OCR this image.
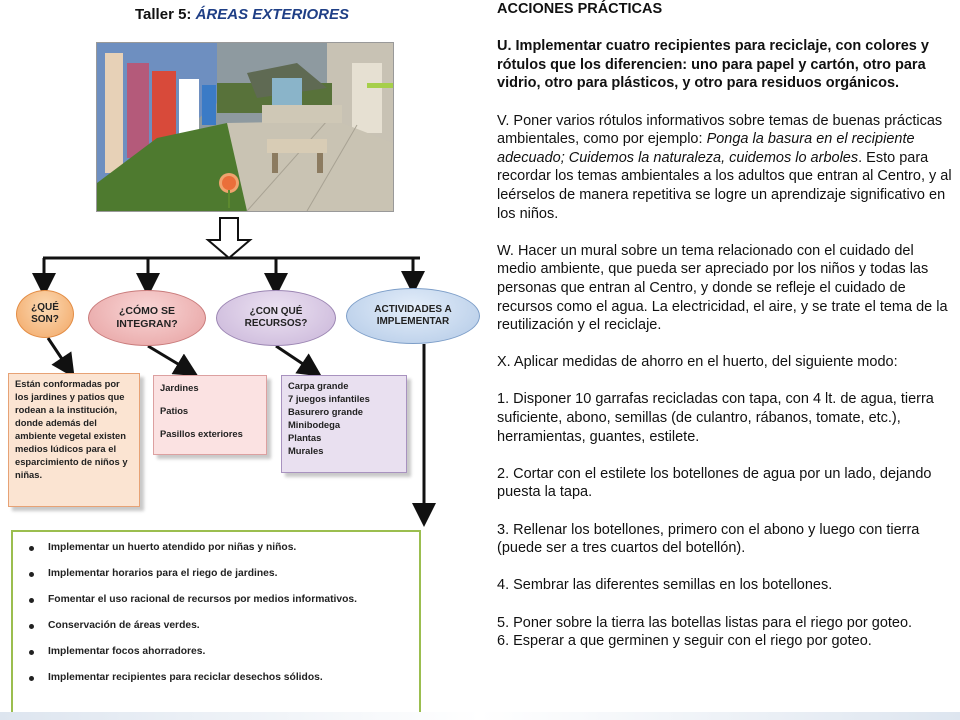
Taller 5: ÁREAS EXTERIORES
¿QUÉ
SON?
¿CÓMO SE
INTEGRAN?
¿CON QUÉ
RECURSOS?
ACTIVIDADES A
IMPLEMENTAR
Están conformadas por los jardines y patios que rodean a la institución, donde además del ambiente vegetal existen medios lúdicos para el esparcimiento de niños y niñas.
Jardines
Patios
Pasillos exteriores
Carpa grande
7 juegos infantiles
Basurero grande
Minibodega
Plantas
Murales
Implementar un huerto atendido por niñas y niños.
Implementar horarios para el riego de jardines.
Fomentar el uso racional de recursos por medios informativos.
Conservación de áreas verdes.
Implementar focos ahorradores.
Implementar recipientes para reciclar desechos sólidos.

ACCIONES PRÁCTICAS

U. Implementar cuatro recipientes para reciclaje, con colores y rótulos que los diferencien: uno para papel y cartón, otro para vidrio, otro para plásticos, y otro para residuos orgánicos.

V. Poner varios rótulos informativos sobre temas de buenas prácticas ambientales, como por ejemplo: Ponga la basura en el recipiente adecuado; Cuidemos la naturaleza, cuidemos lo arboles. Esto para recordar los temas ambientales a los adultos que entran al Centro, y al leérselos de manera repetitiva se logre un aprendizaje significativo en los niños.

W. Hacer un mural sobre un tema relacionado con el cuidado del medio ambiente, que pueda ser apreciado por los niños y todas las personas que entran al Centro, y donde se refleje el cuidado de recursos como el agua. La electricidad, el aire, y se trate el tema de la reutilización y el reciclaje.

X. Aplicar medidas de ahorro en el huerto, del siguiente modo:

1. Disponer 10 garrafas recicladas con tapa, con 4 lt. de agua, tierra suficiente, abono, semillas (de culantro, rábanos, tomate, etc.), herramientas, guantes, estilete.

2. Cortar con el estilete los botellones de agua por un lado, dejando puesta la tapa.

3. Rellenar los botellones, primero con el abono y luego con tierra (puede ser a tres cuartos del botellón).

4. Sembrar las diferentes semillas en los botellones.

5. Poner sobre la tierra las botellas listas para el riego por goteo.

6. Esperar a que germinen y seguir con el riego por goteo.
